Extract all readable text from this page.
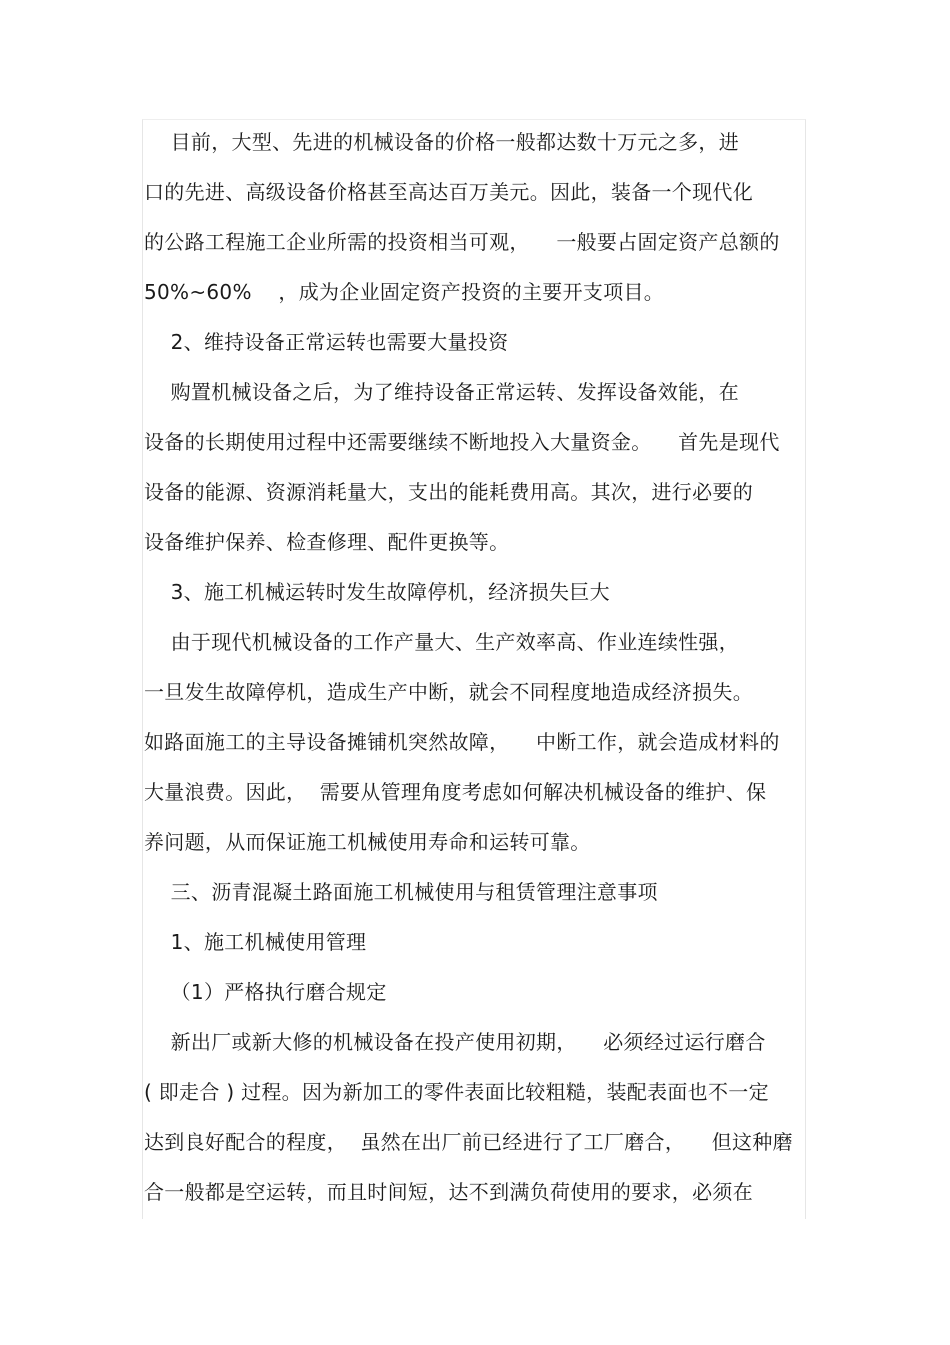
目前，大型、先进的机械设备的价格一般都达数十万元之多，进
口的先进、高级设备价格甚至高达百万美元。因此，装备一个现代化
的公路工程施工企业所需的投资相当可观，    一般要占固定资产总额的
50%~60%    ，成为企业固定资产投资的主要开支项目。
2、维持设备正常运转也需要大量投资
购置机械设备之后，为了维持设备正常运转、发挥设备效能，在
设备的长期使用过程中还需要继续不断地投入大量资金。    首先是现代
设备的能源、资源消耗量大，支出的能耗费用高。其次，进行必要的
设备维护保养、检查修理、配件更换等。
3、施工机械运转时发生故障停机，经济损失巨大
由于现代机械设备的工作产量大、生产效率高、作业连续性强，
一旦发生故障停机，造成生产中断，就会不同程度地造成经济损失。
如路面施工的主导设备摊铺机突然故障，    中断工作，就会造成材料的
大量浪费。因此，  需要从管理角度考虑如何解决机械设备的维护、保
养问题，从而保证施工机械使用寿命和运转可靠。
三、沥青混凝土路面施工机械使用与租赁管理注意事项
1、施工机械使用管理
（1）严格执行磨合规定
新出厂或新大修的机械设备在投产使用初期，    必须经过运行磨合
( 即走合 ) 过程。因为新加工的零件表面比较粗糙，装配表面也不一定
达到良好配合的程度，  虽然在出厂前已经进行了工厂磨合，    但这种磨
合一般都是空运转，而且时间短，达不到满负荷使用的要求，必须在
